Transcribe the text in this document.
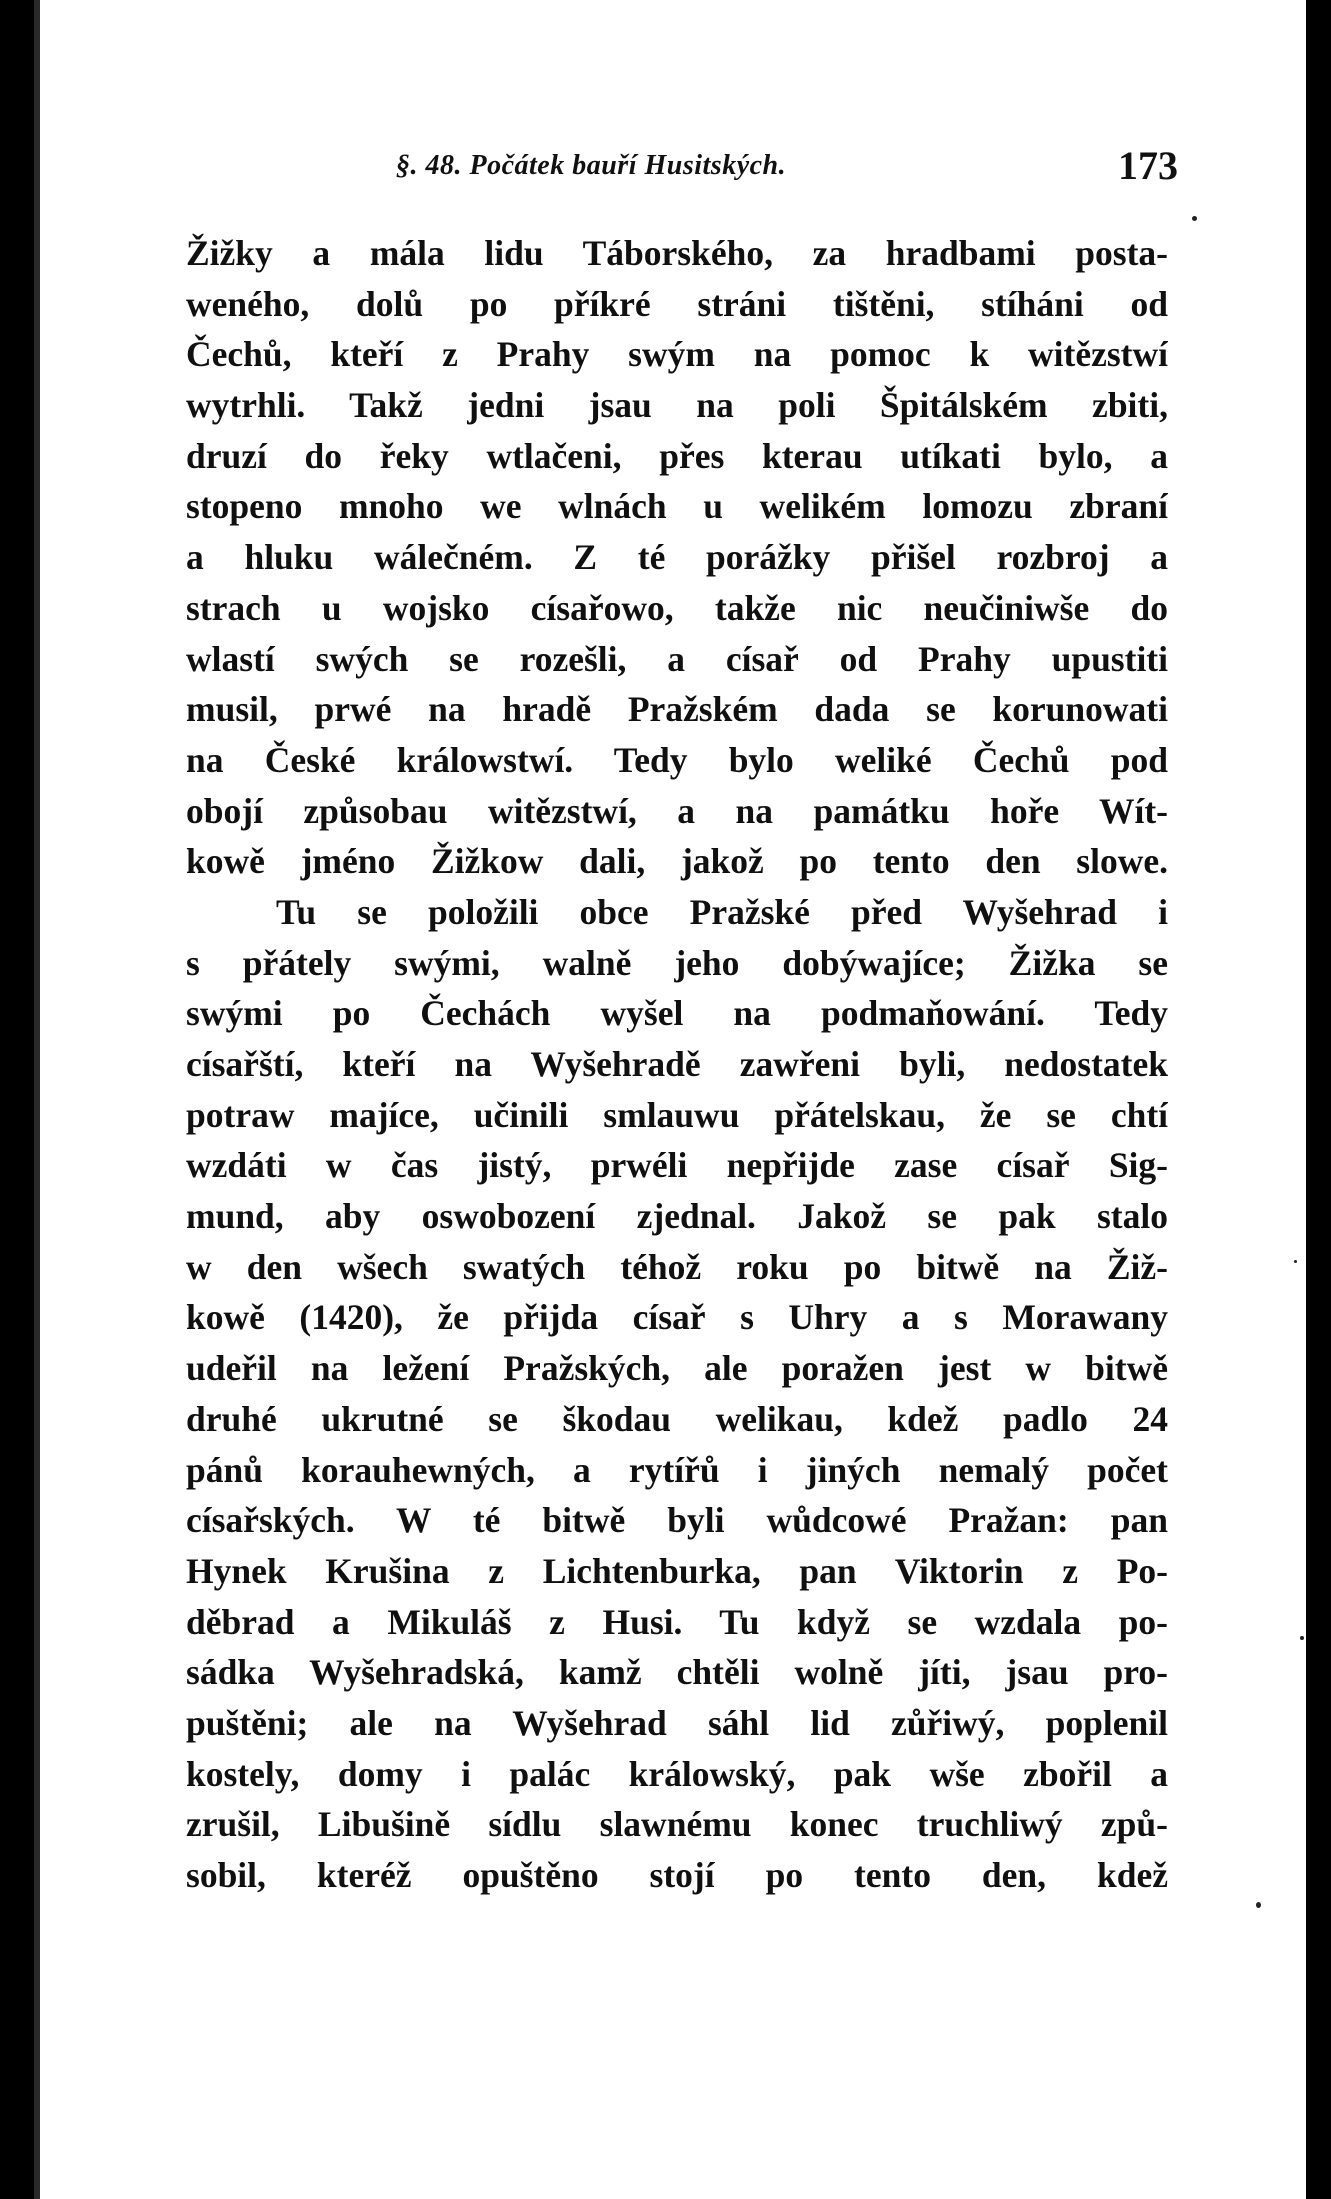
§. 48. Počátek bauří Husitských.	173
Žižky a mála lidu Táborského, za hradbami posta-
weného, dolů po příkré stráni tištěni, stíháni od
Čechů, kteří z Prahy swým na pomoc k witězstwí
wytrhli. Takž jedni jsau na poli Špitálském zbiti,
druzí do řeky wtlačeni, přes kterau utíkati bylo, a
stopeno mnoho we wlnách u welikém lomozu zbraní
a hluku wálečném. Z té porážky přišel rozbroj a
strach u wojsko císařowo, takže nic neučiniwše do
wlastí swých se rozešli, a císař od Prahy upustiti
musil, prwé na hradě Pražském dada se korunowati
na České králowstwí. Tedy bylo weliké Čechů pod
obojí způsobau witězstwí, a na památku hoře Wít-
kowě jméno Žižkow dali, jakož po tento den slowe.
Tu se položili obce Pražské před Wyšehrad i
s přátely swými, walně jeho dobýwajíce; Žižka se
swými po Čechách wyšel na podmaňowání. Tedy
císařští, kteří na Wyšehradě zawřeni byli, nedostatek
potraw majíce, učinili smlauwu přátelskau, že se chtí
wzdáti w čas jistý, prwéli nepřijde zase císař Sig-
mund, aby oswobození zjednal. Jakož se pak stalo
w den wšech swatých téhož roku po bitwě na Žiž-
kowě (1420), že přijda císař s Uhry a s Morawany
udeřil na ležení Pražských, ale poražen jest w bitwě
druhé ukrutné se škodau welikau, kdež padlo 24
pánů korauhewných, a rytířů i jiných nemalý počet
císařských. W té bitwě byli wůdcowé Pražan: pan
Hynek Krušina z Lichtenburka, pan Viktorin z Po-
děbrad a Mikuláš z Husi. Tu když se wzdala po-
sádka Wyšehradská, kamž chtěli wolně jíti, jsau pro-
puštěni; ale na Wyšehrad sáhl lid zůřiwý, poplenil
kostely, domy i palác králowský, pak wše zbořil a
zrušil, Libušině sídlu slawnému konec truchliwý způ-
sobil, kteréž opuštěno stojí po tento den, kdež
